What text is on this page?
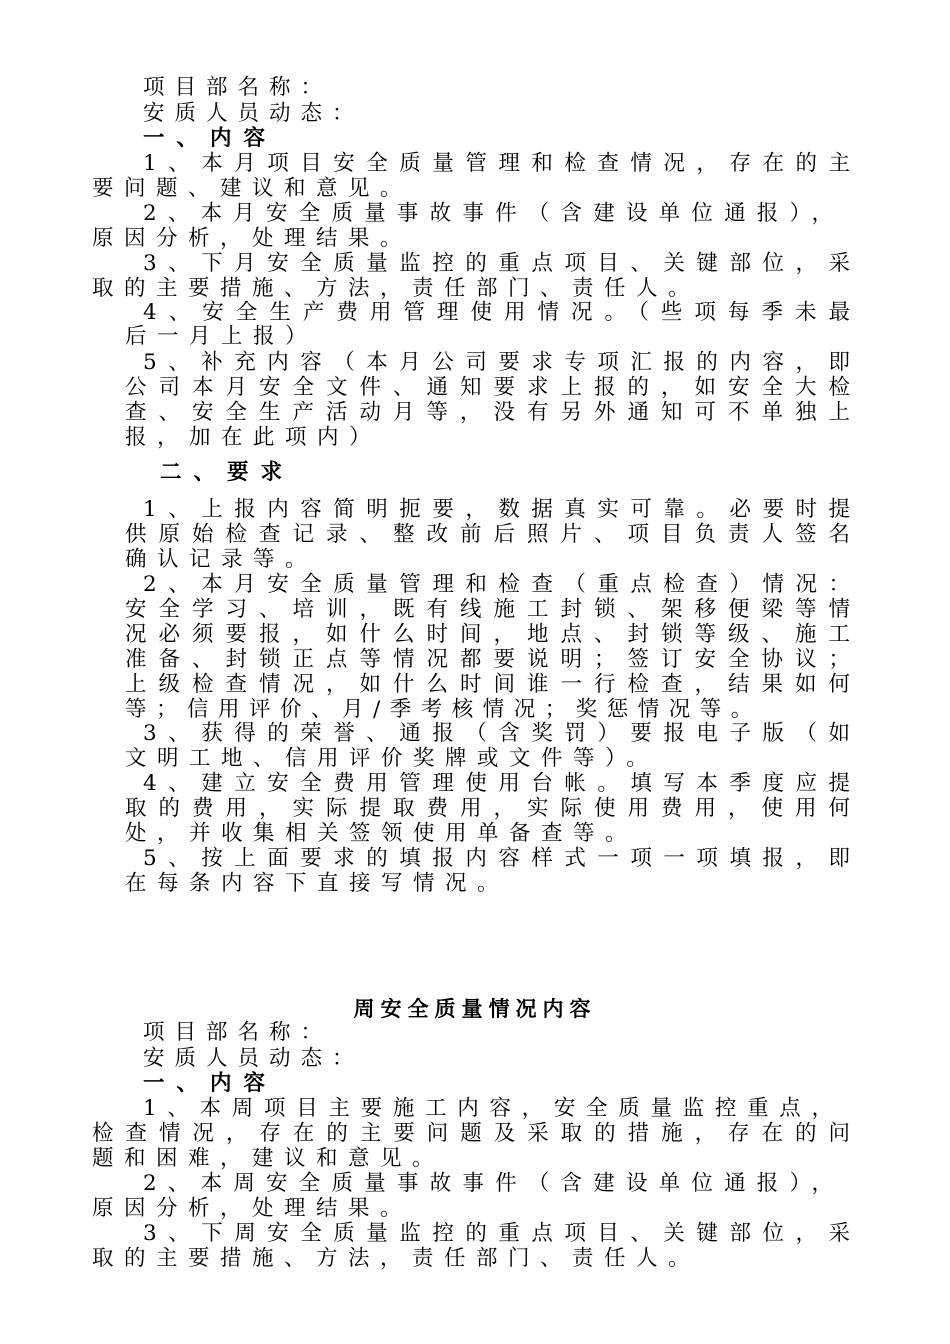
项目部名称：
安质人员动态：
一、内容
1、本月项目安全质量管理和检查情况，存在的主
要问题、建议和意见。
2、本月安全质量事故事件（含建设单位通报），
原因分析，处理结果。
3、下月安全质量监控的重点项目、关键部位，采
取的主要措施、方法，责任部门、责任人。
4、安全生产费用管理使用情况。（些项每季未最
后一月上报）
5、补充内容（本月公司要求专项汇报的内容，即
公司本月安全文件、通知要求上报的，如安全大检
查、安全生产活动月等，没有另外通知可不单独上
报，加在此项内）
二、要求
1、上报内容简明扼要，数据真实可靠。必要时提
供原始检查记录、整改前后照片、项目负责人签名
确认记录等。
2、本月安全质量管理和检查（重点检查）情况：
安全学习、培训，既有线施工封锁、架移便梁等情
况必须要报，如什么时间，地点、封锁等级、施工
准备、封锁正点等情况都要说明；签订安全协议；
上级检查情况，如什么时间谁一行检查，结果如何
等；信用评价、月/季考核情况；奖惩情况等。
3、获得的荣誉、通报（含奖罚）要报电子版（如
文明工地、信用评价奖牌或文件等）。
4、建立安全费用管理使用台帐。填写本季度应提
取的费用，实际提取费用，实际使用费用，使用何
处，并收集相关签领使用单备查等。
5、按上面要求的填报内容样式一项一项填报，即
在每条内容下直接写情况。
周安全质量情况内容
项目部名称：
安质人员动态：
一、内容
1、本周项目主要施工内容，安全质量监控重点，
检查情况，存在的主要问题及采取的措施，存在的问
题和困难，建议和意见。
2、本周安全质量事故事件（含建设单位通报），
原因分析，处理结果。
3、下周安全质量监控的重点项目、关键部位，采
取的主要措施、方法，责任部门、责任人。
